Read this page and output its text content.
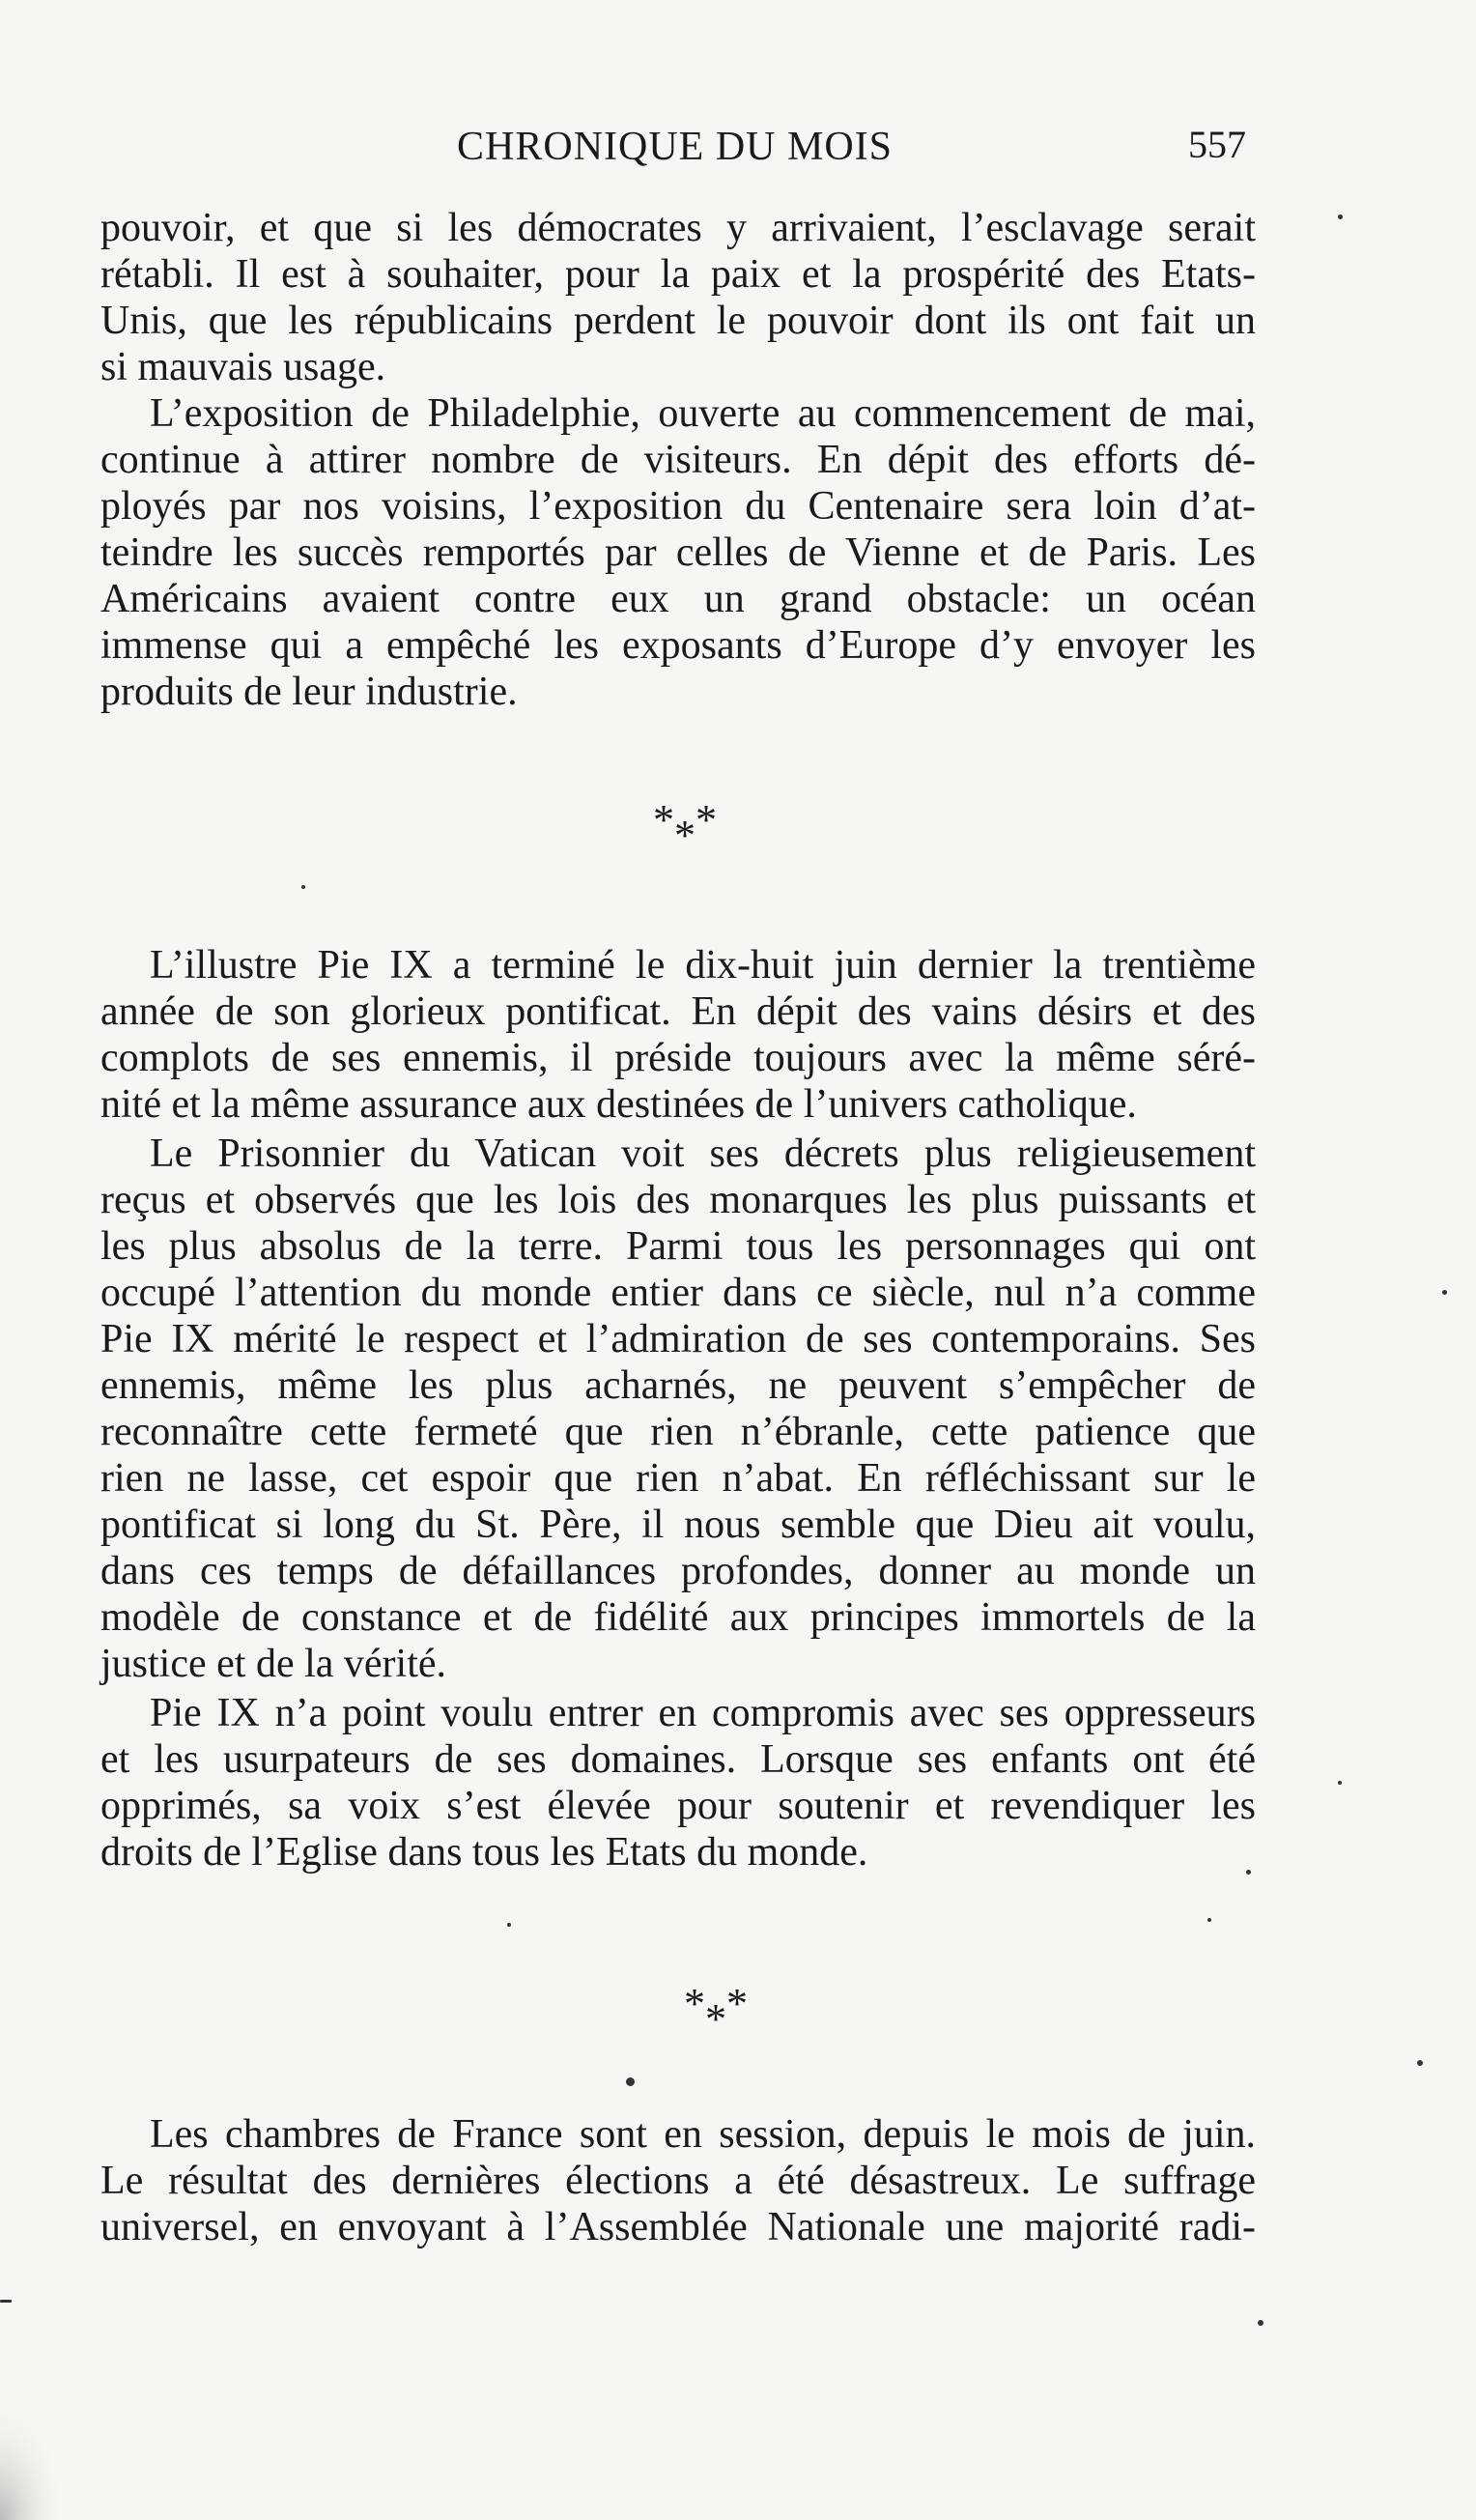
CHRONIQUE DU MOIS	557
pouvoir, et que si les démocrates y arrivaient, l’esclavage serait
rétabli. Il est à souhaiter, pour la paix et la prospérité des Etats-
Unis, que les républicains perdent le pouvoir dont ils ont fait un
si mauvais usage.
L’exposition de Philadelphie, ouverte au commencement de mai,
continue à attirer nombre de visiteurs. En dépit des efforts dé-
ployés par nos voisins, l’exposition du Centenaire sera loin d’at-
teindre les succès remportés par celles de Vienne et de Paris. Les
Américains avaient contre eux un grand obstacle: un océan
immense qui a empêché les exposants d’Europe d’y envoyer les
produits de leur industrie.
*
*
*
L’illustre Pie IX a terminé le dix-huit juin dernier la trentième
année de son glorieux pontificat. En dépit des vains désirs et des
complots de ses ennemis, il préside toujours avec la même séré-
nité et la même assurance aux destinées de l’univers catholique.
Le Prisonnier du Vatican voit ses décrets plus religieusement
reçus et observés que les lois des monarques les plus puissants et
les plus absolus de la terre. Parmi tous les personnages qui ont
occupé l’attention du monde entier dans ce siècle, nul n’a comme
Pie IX mérité le respect et l’admiration de ses contemporains. Ses
ennemis, même les plus acharnés, ne peuvent s’empêcher de
reconnaître cette fermeté que rien n’ébranle, cette patience que
rien ne lasse, cet espoir que rien n’abat. En réfléchissant sur le
pontificat si long du St. Père, il nous semble que Dieu ait voulu,
dans ces temps de défaillances profondes, donner au monde un
modèle de constance et de fidélité aux principes immortels de la
justice et de la vérité.
Pie IX n’a point voulu entrer en compromis avec ses oppresseurs
et les usurpateurs de ses domaines. Lorsque ses enfants ont été
opprimés, sa voix s’est élevée pour soutenir et revendiquer les
droits de l’Eglise dans tous les Etats du monde.
*
*
*
Les chambres de France sont en session, depuis le mois de juin.
Le résultat des dernières élections a été désastreux. Le suffrage
universel, en envoyant à l’Assemblée Nationale une majorité radi-
